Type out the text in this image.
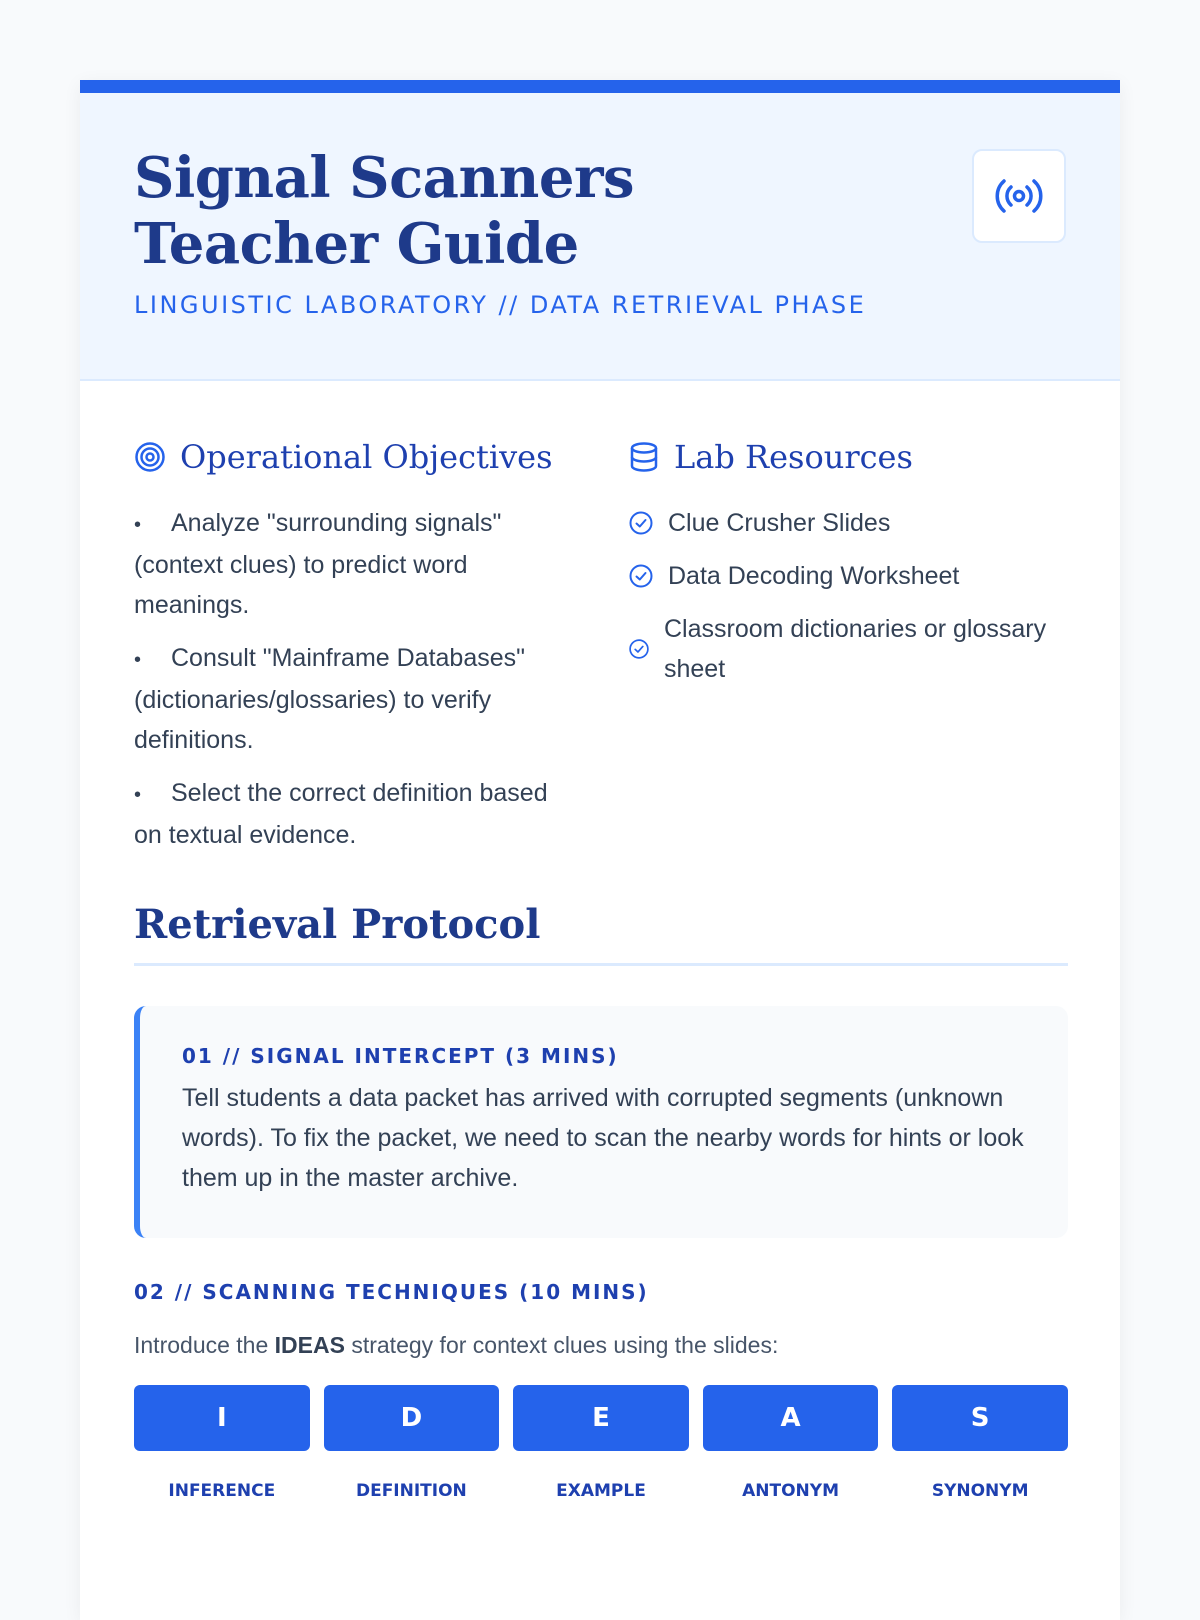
Signal Scanners Teacher Guide
LINGUISTIC LABORATORY // DATA RETRIEVAL PHASE
Operational Objectives
• Analyze "surrounding signals" (context clues) to predict word meanings.
• Consult "Mainframe Databases" (dictionaries/glossaries) to verify definitions.
• Select the correct definition based on textual evidence.
Lab Resources
Clue Crusher Slides
Data Decoding Worksheet
Classroom dictionaries or glossary sheet
Retrieval Protocol
01 // SIGNAL INTERCEPT (3 MINS)
Tell students a data packet has arrived with corrupted segments (unknown words). To fix the packet, we need to scan the nearby words for hints or look them up in the master archive.
02 // SCANNING TECHNIQUES (10 MINS)
Introduce the IDEAS strategy for context clues using the slides:
I
INFERENCE
D
DEFINITION
E
EXAMPLE
A
ANTONYM
S
SYNONYM
